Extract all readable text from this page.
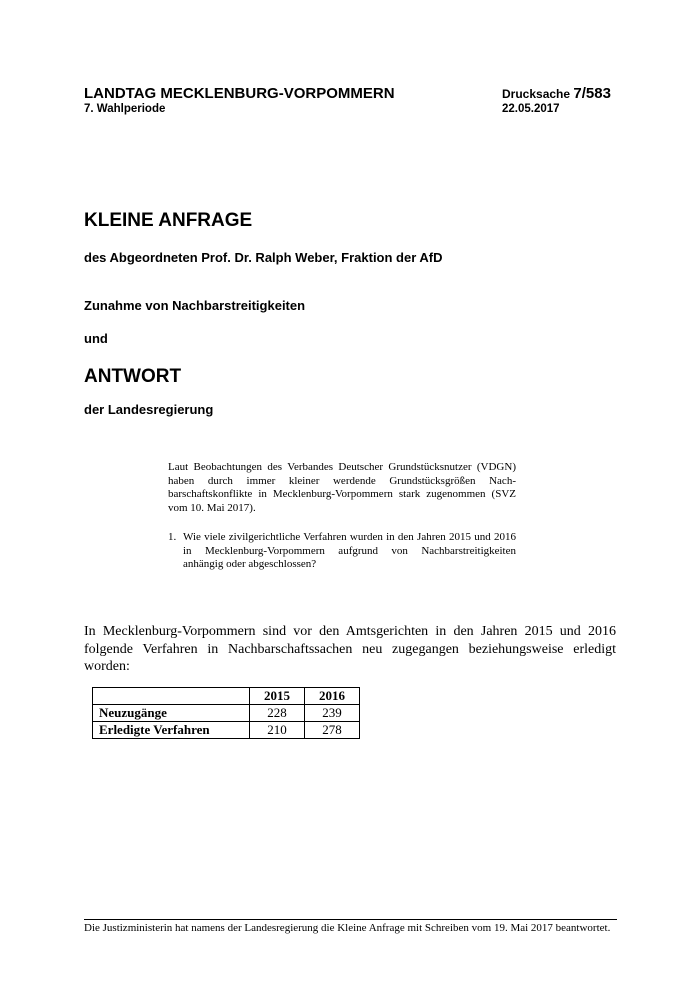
LANDTAG MECKLENBURG-VORPOMMERN
7. Wahlperiode
Drucksache 7/583
22.05.2017
KLEINE ANFRAGE
des Abgeordneten Prof. Dr. Ralph Weber, Fraktion der AfD
Zunahme von Nachbarstreitigkeiten
und
ANTWORT
der Landesregierung
Laut Beobachtungen des Verbandes Deutscher Grundstücksnutzer (VDGN) haben durch immer kleiner werdende Grundstücksgrößen Nachbarschaftskonflikte in Mecklenburg-Vorpommern stark zugenommen (SVZ vom 10. Mai 2017).
1. Wie viele zivilgerichtliche Verfahren wurden in den Jahren 2015 und 2016 in Mecklenburg-Vorpommern aufgrund von Nachbarstreitigkeiten anhängig oder abgeschlossen?
In Mecklenburg-Vorpommern sind vor den Amtsgerichten in den Jahren 2015 und 2016 folgende Verfahren in Nachbarschaftssachen neu zugegangen beziehungsweise erledigt worden:
	2015	2016
Neuzugänge	228	239
Erledigte Verfahren	210	278
Die Justizministerin hat namens der Landesregierung die Kleine Anfrage mit Schreiben vom 19. Mai 2017 beantwortet.
